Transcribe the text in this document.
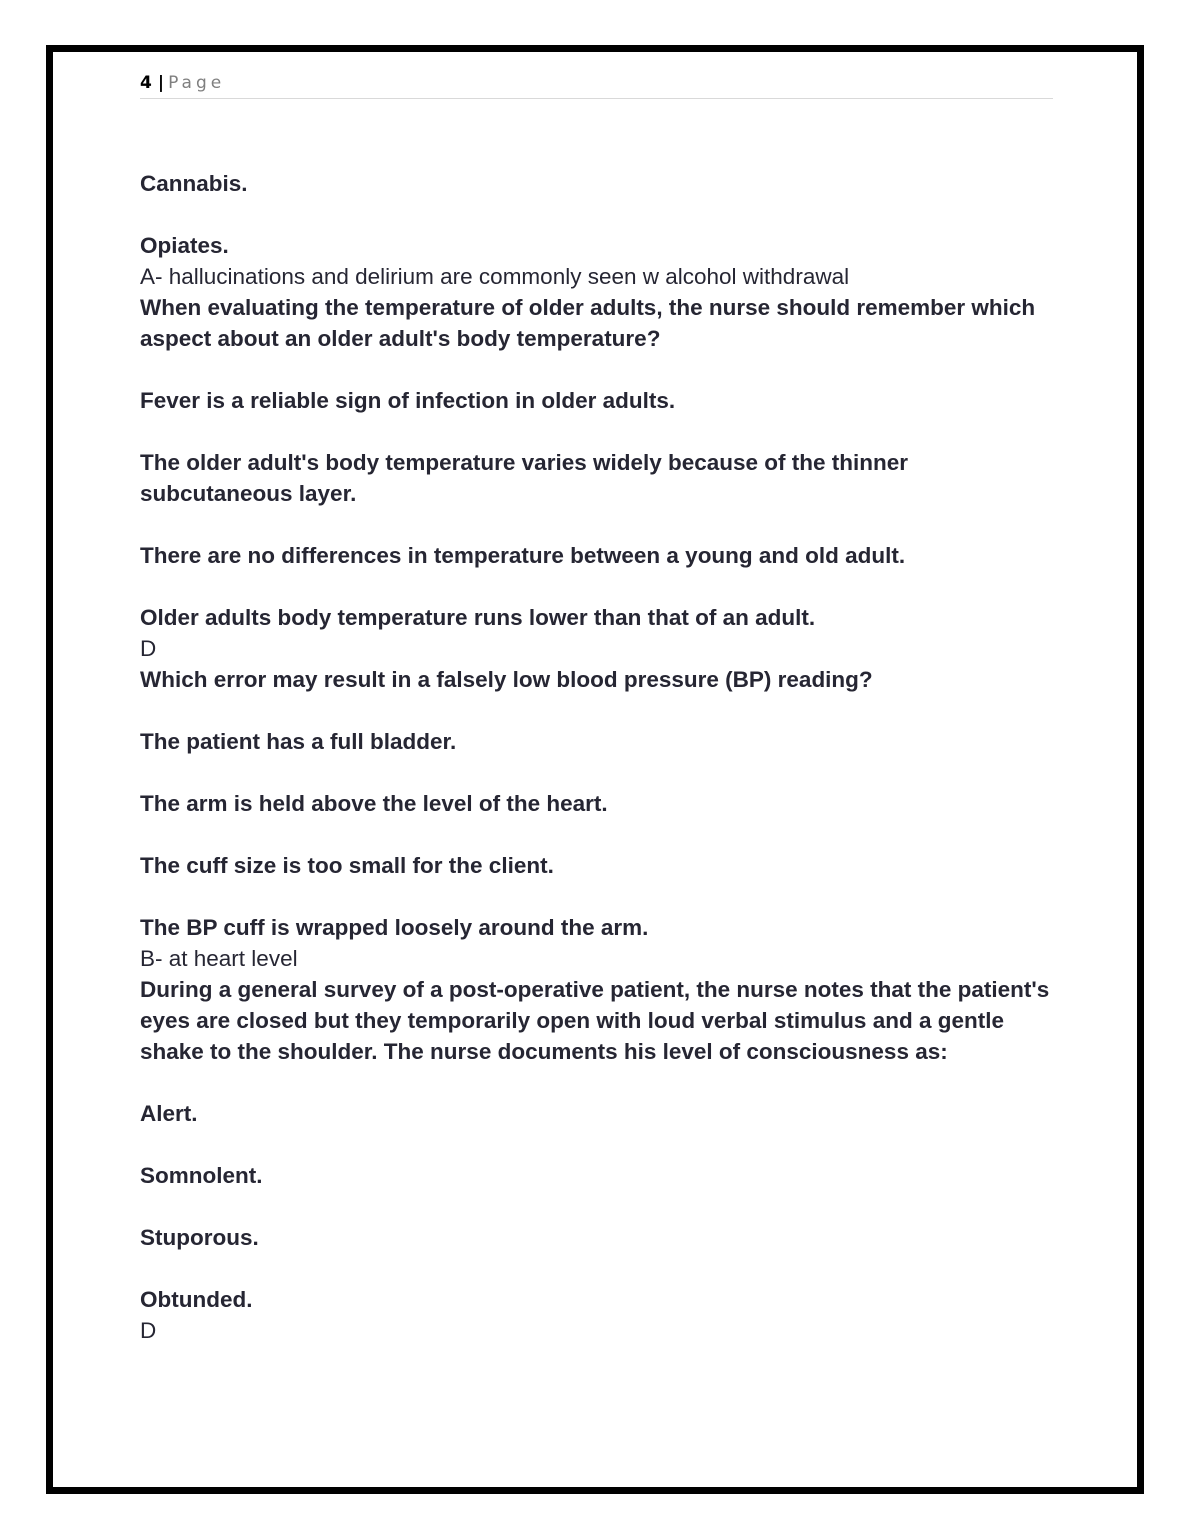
4 | Page

Cannabis.

Opiates.

A- hallucinations and delirium are commonly seen w alcohol withdrawal

When evaluating the temperature of older adults, the nurse should remember which aspect about an older adult's body temperature?

Fever is a reliable sign of infection in older adults.

The older adult's body temperature varies widely because of the thinner subcutaneous layer.

There are no differences in temperature between a young and old adult.

Older adults body temperature runs lower than that of an adult.

D

Which error may result in a falsely low blood pressure (BP) reading?

The patient has a full bladder.

The arm is held above the level of the heart.

The cuff size is too small for the client.

The BP cuff is wrapped loosely around the arm.

B- at heart level

During a general survey of a post-operative patient, the nurse notes that the patient's eyes are closed but they temporarily open with loud verbal stimulus and a gentle shake to the shoulder. The nurse documents his level of consciousness as:

Alert.

Somnolent.

Stuporous.

Obtunded.

D
